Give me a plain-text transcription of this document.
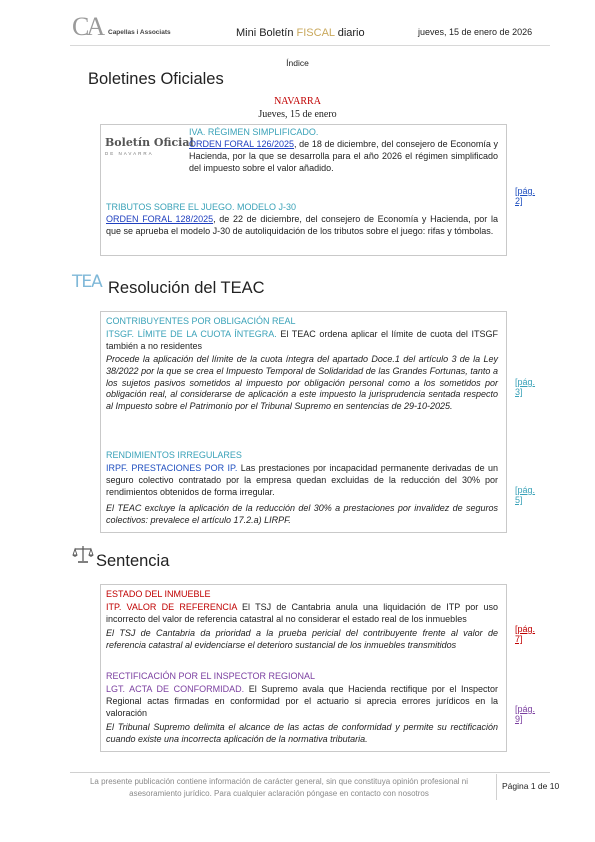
CA Capellas i Associats	Mini Boletín FISCAL diario	jueves, 15 de enero de 2026
Índice
Boletines Oficiales
NAVARRA
Jueves, 15 de enero
Boletín Oficial
DE NAVARRA
IVA. RÉGIMEN SIMPLIFICADO.
ORDEN FORAL 126/2025, de 18 de diciembre, del consejero de Economía y Hacienda, por la que se desarrolla para el año 2026 el régimen simplificado del impuesto sobre el valor añadido.
[pág. 2]
TRIBUTOS SOBRE EL JUEGO. MODELO J-30
ORDEN FORAL 128/2025, de 22 de diciembre, del consejero de Economía y Hacienda, por la que se aprueba el modelo J-30 de autoliquidación de los tributos sobre el juego: rifas y tómbolas.
TEA Resolución del TEAC
CONTRIBUYENTES POR OBLIGACIÓN REAL
ITSGF. LÍMITE DE LA CUOTA ÍNTEGRA. El TEAC ordena aplicar el límite de cuota del ITSGF también a no residentes
Procede la aplicación del límite de la cuota íntegra del apartado Doce.1 del artículo 3 de la Ley 38/2022 por la que se crea el Impuesto Temporal de Solidaridad de las Grandes Fortunas, tanto a los sujetos pasivos sometidos al impuesto por obligación personal como a los sometidos por obligación real, al considerarse de aplicación a este impuesto la jurisprudencia sentada respecto al Impuesto sobre el Patrimonio por el Tribunal Supremo en sentencias de 29-10-2025.
[pág. 3]
RENDIMIENTOS IRREGULARES
IRPF. PRESTACIONES POR IP. Las prestaciones por incapacidad permanente derivadas de un seguro colectivo contratado por la empresa quedan excluidas de la reducción del 30% por rendimientos obtenidos de forma irregular.
El TEAC excluye la aplicación de la reducción del 30% a prestaciones por invalidez de seguros colectivos: prevalece el artículo 17.2.a) LIRPF.
[pág. 5]
Sentencia
ESTADO DEL INMUEBLE
ITP. VALOR DE REFERENCIA El TSJ de Cantabria anula una liquidación de ITP por uso incorrecto del valor de referencia catastral al no considerar el estado real de los inmuebles
El TSJ de Cantabria da prioridad a la prueba pericial del contribuyente frente al valor de referencia catastral al evidenciarse el deterioro sustancial de los inmuebles transmitidos
[pág. 7]
RECTIFICACIÓN POR EL INSPECTOR REGIONAL
LGT. ACTA DE CONFORMIDAD. El Supremo avala que Hacienda rectifique por el Inspector Regional actas firmadas en conformidad por el actuario si aprecia errores jurídicos en la valoración
El Tribunal Supremo delimita el alcance de las actas de conformidad y permite su rectificación cuando existe una incorrecta aplicación de la normativa tributaria.
[pág. 9]
La presente publicación contiene información de carácter general, sin que constituya opinión profesional ni asesoramiento jurídico. Para cualquier aclaración póngase en contacto con nosotros
Página 1 de 10
